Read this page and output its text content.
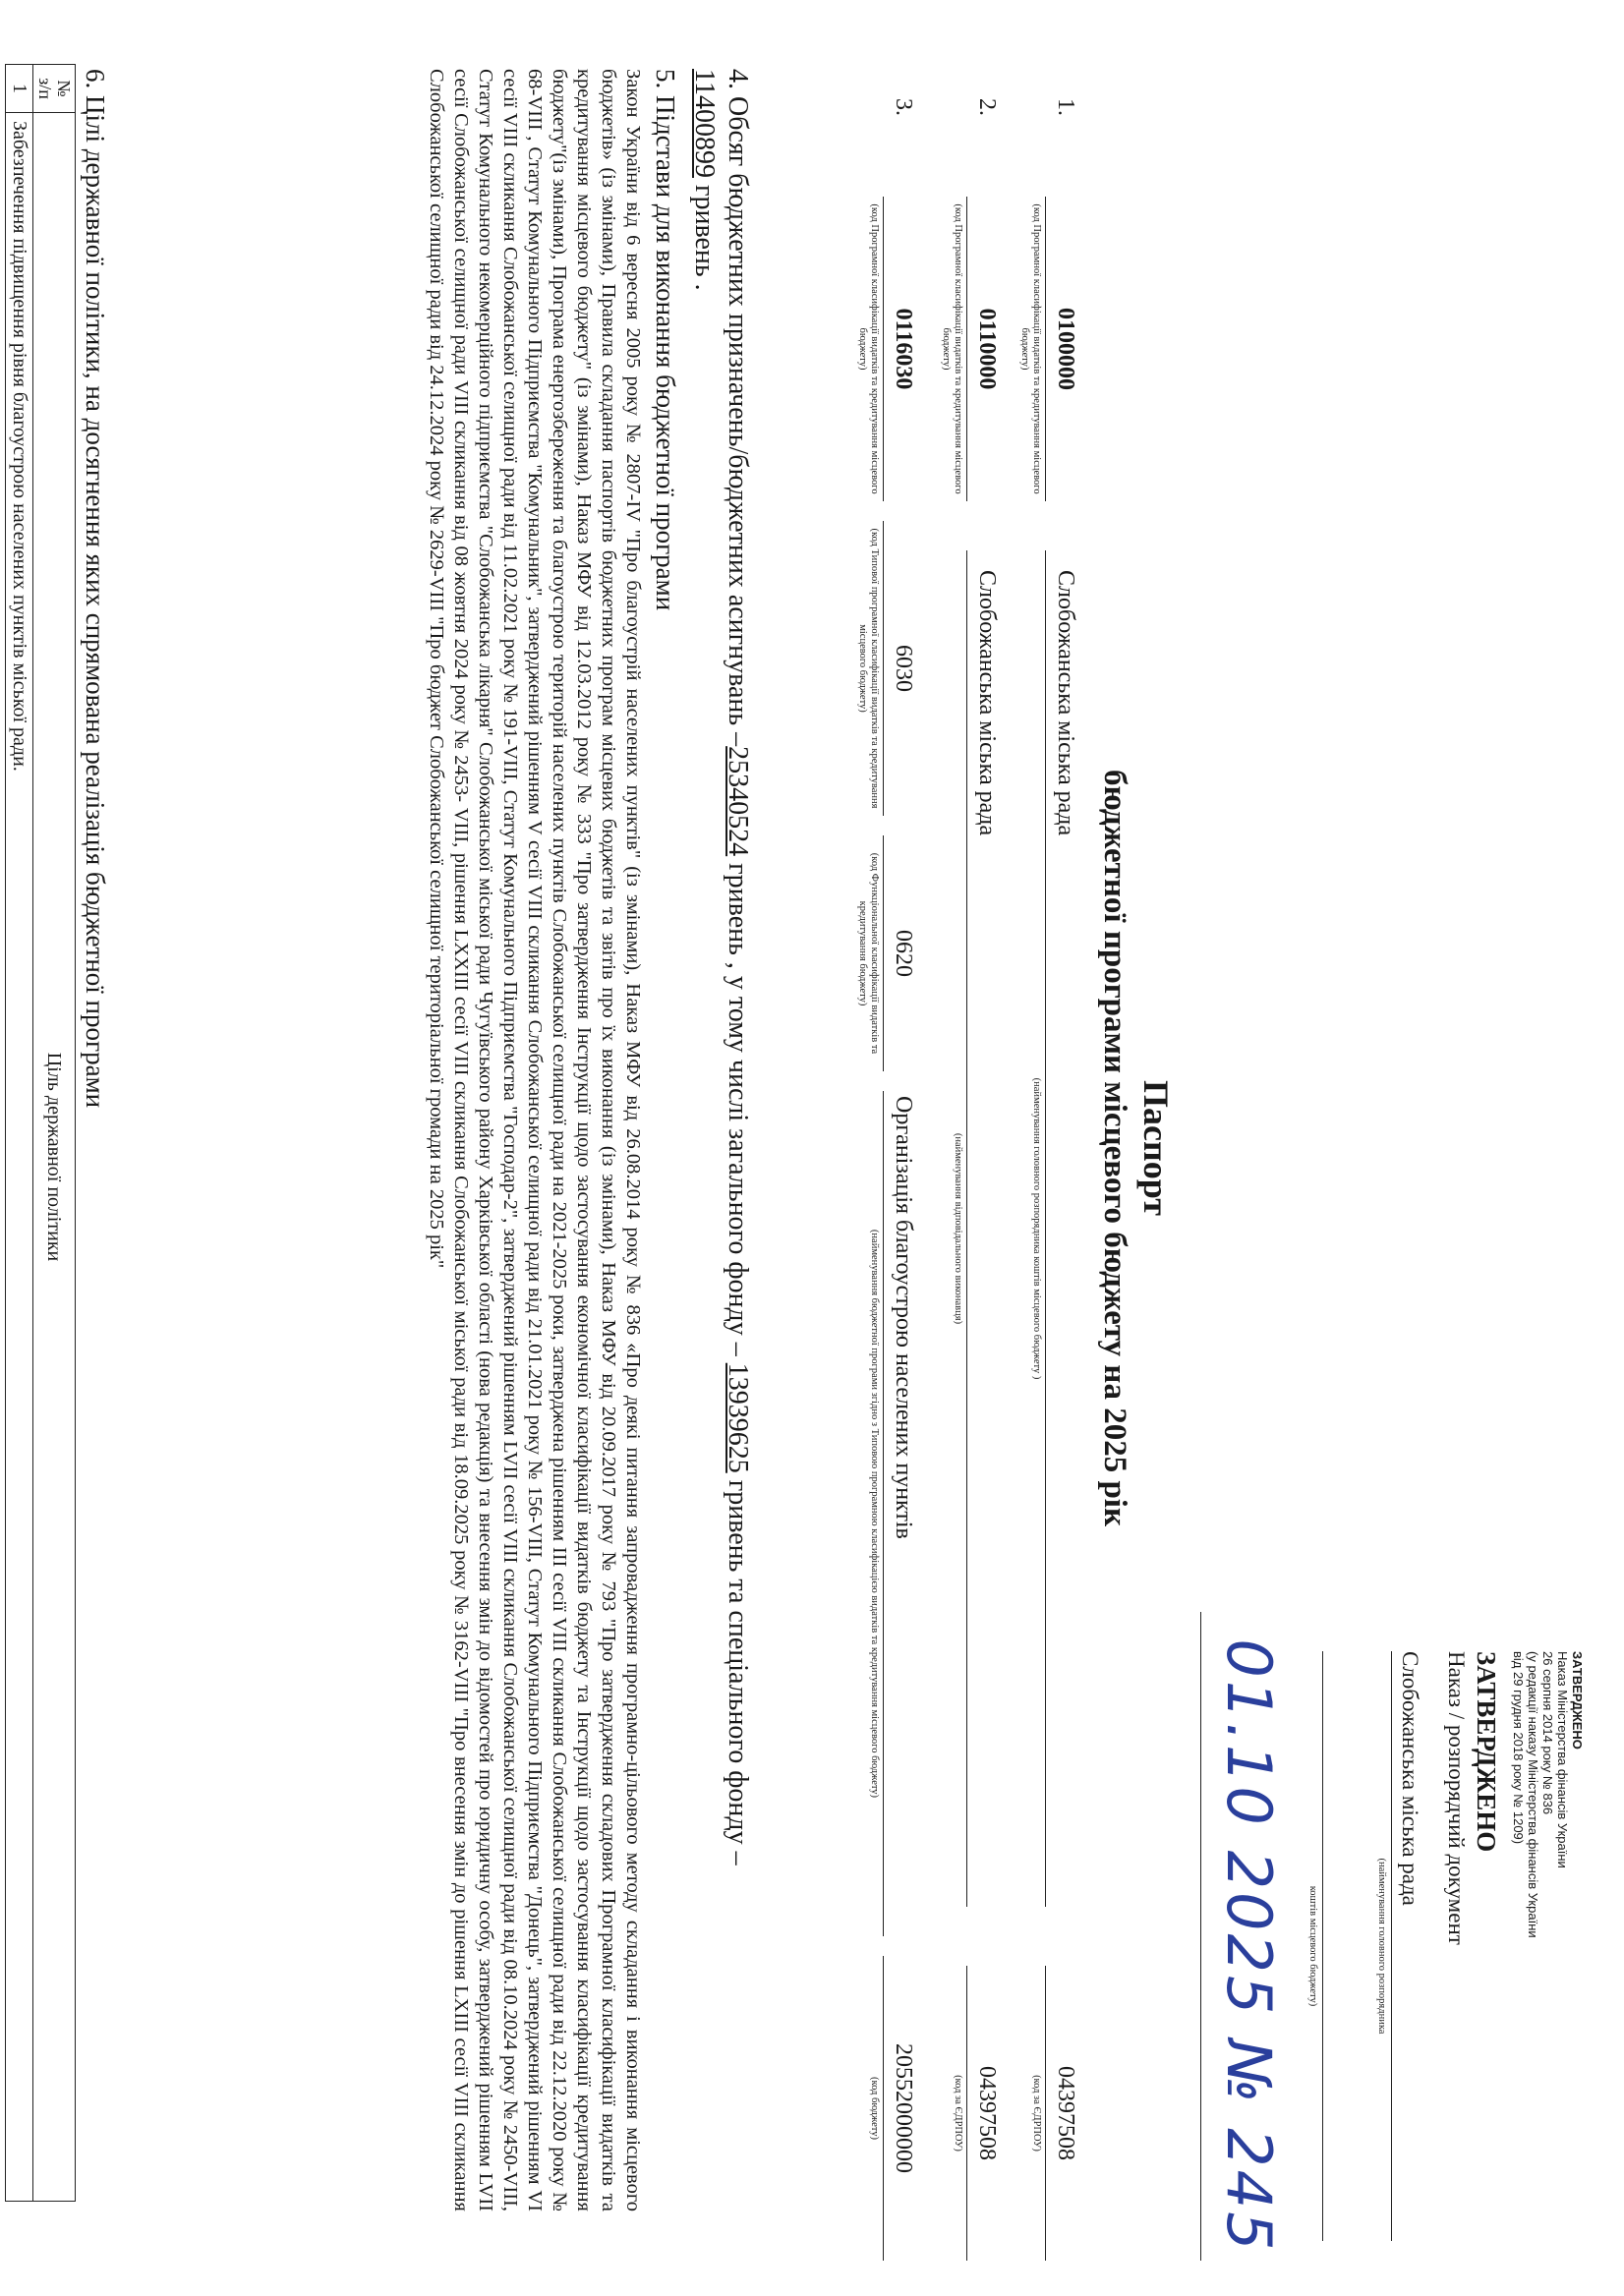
ЗАТВЕРДЖЕНО
Наказ Міністерства фінансів України
26 серпня 2014 року № 836
(у редакції наказу Міністерства фінансів України
від 29 грудня 2018 року № 1209)
ЗАТВЕРДЖЕНО
Наказ / розпорядчий документ
Слобожанська міська рада
(найменування головного розпорядника
коштів місцевого бюджету)
01.10 2025 № 245
Паспорт
бюджетної програми місцевого бюджету на 2025 рік
1.
0100000
(код Програмної класифікації видатків та кредитування місцевого бюджету)
Слобожанська міська рада
(найменування головного розпорядника коштів місцевого бюджету )
04397508
(код за ЄДРПОУ)
2.
0110000
(код Програмної класифікації видатків та кредитування місцевого бюджету)
Слобожанська міська рада
(найменування відповідального виконавця)
04397508
(код за ЄДРПОУ)
3.
0116030
(код Програмної класифікації видатків та кредитування місцевого бюджету)
6030
(код Типової програмної класифікації видатків та кредитування місцевого бюджету)
0620
(код Функціональної класифікації видатків та кредитування бюджету)
Організація благоустрою населених пунктів
(найменування бюджетної програми згідно з Типовою програмною класифікацією видатків та кредитування місцевого бюджету)
20552000000
(код бюджету)
4. Обсяг бюджетних призначень/бюджетних асигнувань –25340524 гривень , у тому числі загального фонду – 13939625 гривень та спеціального фонду –
11400899 гривень .
5. Підстави для виконання бюджетної програми
Закон України від 6 вересня 2005 року № 2807-IV "Про благоустрій населених пунктів" (із змінами), Наказ МФУ від 26.08.2014 року № 836 «Про деякі питання запровадження програмно-цільового методу складання і виконання місцевого бюджетів» (із змінами), Правила складання паспортів бюджетних програм місцевих бюджетів та звітів про їх виконання (із змінами), Наказ МФУ від 20.09.2017 року № 793 "Про затвердження складових Програмної класифікації видатків та кредитування місцевого бюджету" (із змінами), Наказ МФУ від 12.03.2012 року № 333 "Про затвердження Інструкції щодо застосування економічної класифікації видатків бюджету та Інструкції щодо застосування класифікації кредитування бюджету"(із змінами), Програма енергозбереження та благоустрою територій населених пунктів Слобожанської селищної ради на 2021-2025 роки, затверджена рішенням III сесії VIII скликання Слобожанської селищної ради від 22.12.2020 року № 68-VIII , Статут Комунального Підприємства "Комунальник", затверджений рішенням V сесії VIII скликання Слобожанської селищної ради від 21.01.2021 року № 156-VIII, Статут Комунального Підприємства "Донець", затверджений рішенням VI сесії VIII скликання Слобожанської селищної ради від 11.02.2021 року № 191-VIII, Статут Комунального Підприємства "Господар-2", затверджений рішенням LVII сесії VIII скликання Слобожанської селищної ради від 08.10.2024 року № 2450-VIII, Статут Комунального некомерційного підприємства "Слобожанська лікарня" Слобожанської міської ради Чугуївського району Харківської області (нова редакція) та внесення змін до відомостей про юридичну особу, затверджений рішенням LVII сесії Слобожанської селищної ради VIII скликання від 08 жовтня 2024 року № 2453- VIII, рішення LXXIII сесії VIII скликання Слобожанської міської ради від 18.09.2025 року № 3162-VIII "Про внесення змін до рішення LXIII сесії VIII скликання Слобожанської селищної ради від 24.12.2024 року № 2629-VIII "Про бюджет Слобожанської селищної територіальної громади на 2025 рік"
6. Цілі державної політики, на досягнення яких спрямована реалізація бюджетної програми
№
з/п	Ціль державної політики
1	Забезпечення підвищення рівня благоустрою населених пунктів міської ради.
